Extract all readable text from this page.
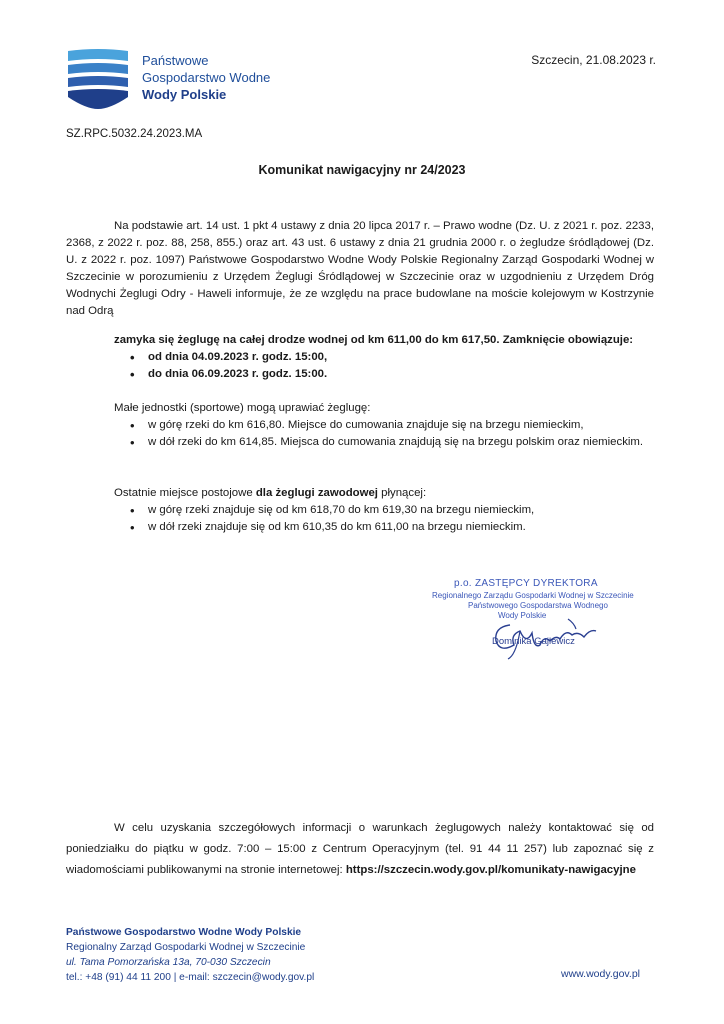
Państwowe
Gospodarstwo Wodne
Wody Polskie
Szczecin, 21.08.2023 r.
SZ.RPC.5032.24.2023.MA
Komunikat nawigacyjny nr 24/2023

Na podstawie art. 14 ust. 1 pkt 4 ustawy z dnia 20 lipca 2017 r. – Prawo wodne (Dz. U. z 2021 r. poz. 2233, 2368, z 2022 r. poz. 88, 258, 855.) oraz art. 43 ust. 6 ustawy z dnia 21 grudnia 2000 r. o żegludze śródlądowej (Dz. U. z 2022 r. poz. 1097) Państwowe Gospodarstwo Wodne Wody Polskie Regionalny Zarząd Gospodarki Wodnej w Szczecinie w porozumieniu z Urzędem Żeglugi Śródlądowej w Szczecinie oraz w uzgodnieniu z Urzędem Dróg Wodnychi Żeglugi Odry - Haweli informuje, że ze względu na prace budowlane na moście kolejowym w Kostrzynie nad Odrą

zamyka się żeglugę na całej drodze wodnej od km 611,00 do km 617,50. Zamknięcie obowiązuje:
• od dnia 04.09.2023 r. godz. 15:00,
• do dnia 06.09.2023 r. godz. 15:00.
Małe jednostki (sportowe) mogą uprawiać żeglugę:
• w górę rzeki do km 616,80. Miejsce do cumowania znajduje się na brzegu niemieckim,
• w dół rzeki do km 614,85. Miejsca do cumowania znajdują się na brzegu polskim oraz niemieckim.
Ostatnie miejsce postojowe dla żeglugi zawodowej płynącej:
• w górę rzeki znajduje się od km 618,70 do km 619,30 na brzegu niemieckim,
• w dół rzeki znajduje się od km 610,35 do km 611,00 na brzegu niemieckim.
p.o. ZASTĘPCY DYREKTORA
Regionalnego Zarządu Gospodarki Wodnej w Szczecinie
Państwowego Gospodarstwa Wodnego
Wody Polskie
Dominika Gajlewicz

W celu uzyskania szczegółowych informacji o warunkach żeglugowych należy kontaktować się od poniedziałku do piątku w godz. 7:00 – 15:00 z Centrum Operacyjnym (tel. 91 44 11 257) lub zapoznać się z wiadomościami publikowanymi na stronie internetowej: https://szczecin.wody.gov.pl/komunikaty-nawigacyjne

Państwowe Gospodarstwo Wodne Wody Polskie
Regionalny Zarząd Gospodarki Wodnej w Szczecinie
ul. Tama Pomorzańska 13a, 70-030 Szczecin
tel.: +48 (91) 44 11 200 | e-mail: szczecin@wody.gov.pl	www.wody.gov.pl
